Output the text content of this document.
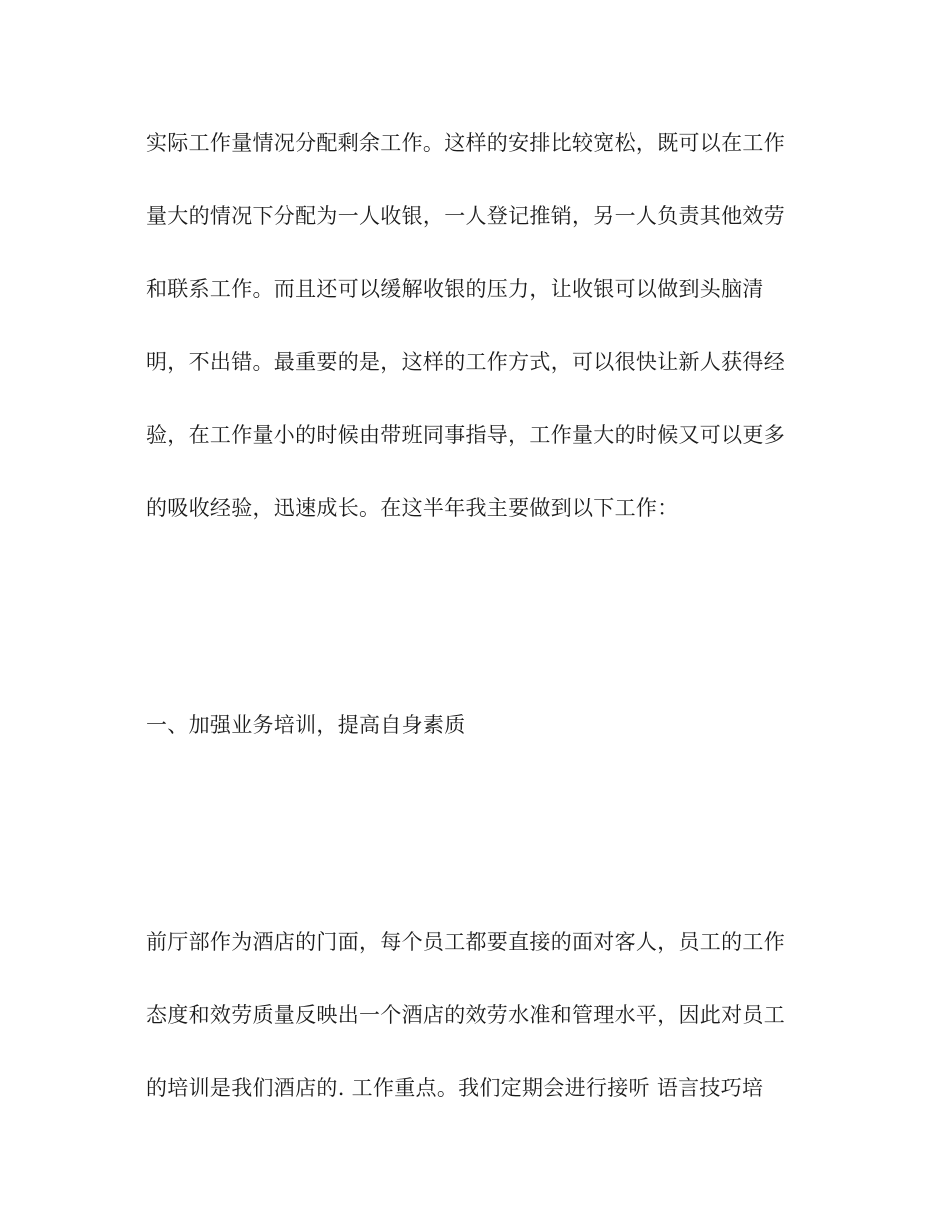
实际工作量情况分配剩余工作。这样的安排比较宽松，既可以在工作
量大的情况下分配为一人收银，一人登记推销，另一人负责其他效劳
和联系工作。而且还可以缓解收银的压力，让收银可以做到头脑清
明，不出错。最重要的是，这样的工作方式，可以很快让新人获得经
验，在工作量小的时候由带班同事指导，工作量大的时候又可以更多
的吸收经验，迅速成长。在这半年我主要做到以下工作：
一、加强业务培训，提高自身素质
前厅部作为酒店的门面，每个员工都要直接的面对客人，员工的工作
态度和效劳质量反映出一个酒店的效劳水准和管理水平，因此对员工
的培训是我们酒店的. 工作重点。我们定期会进行接听 语言技巧培
